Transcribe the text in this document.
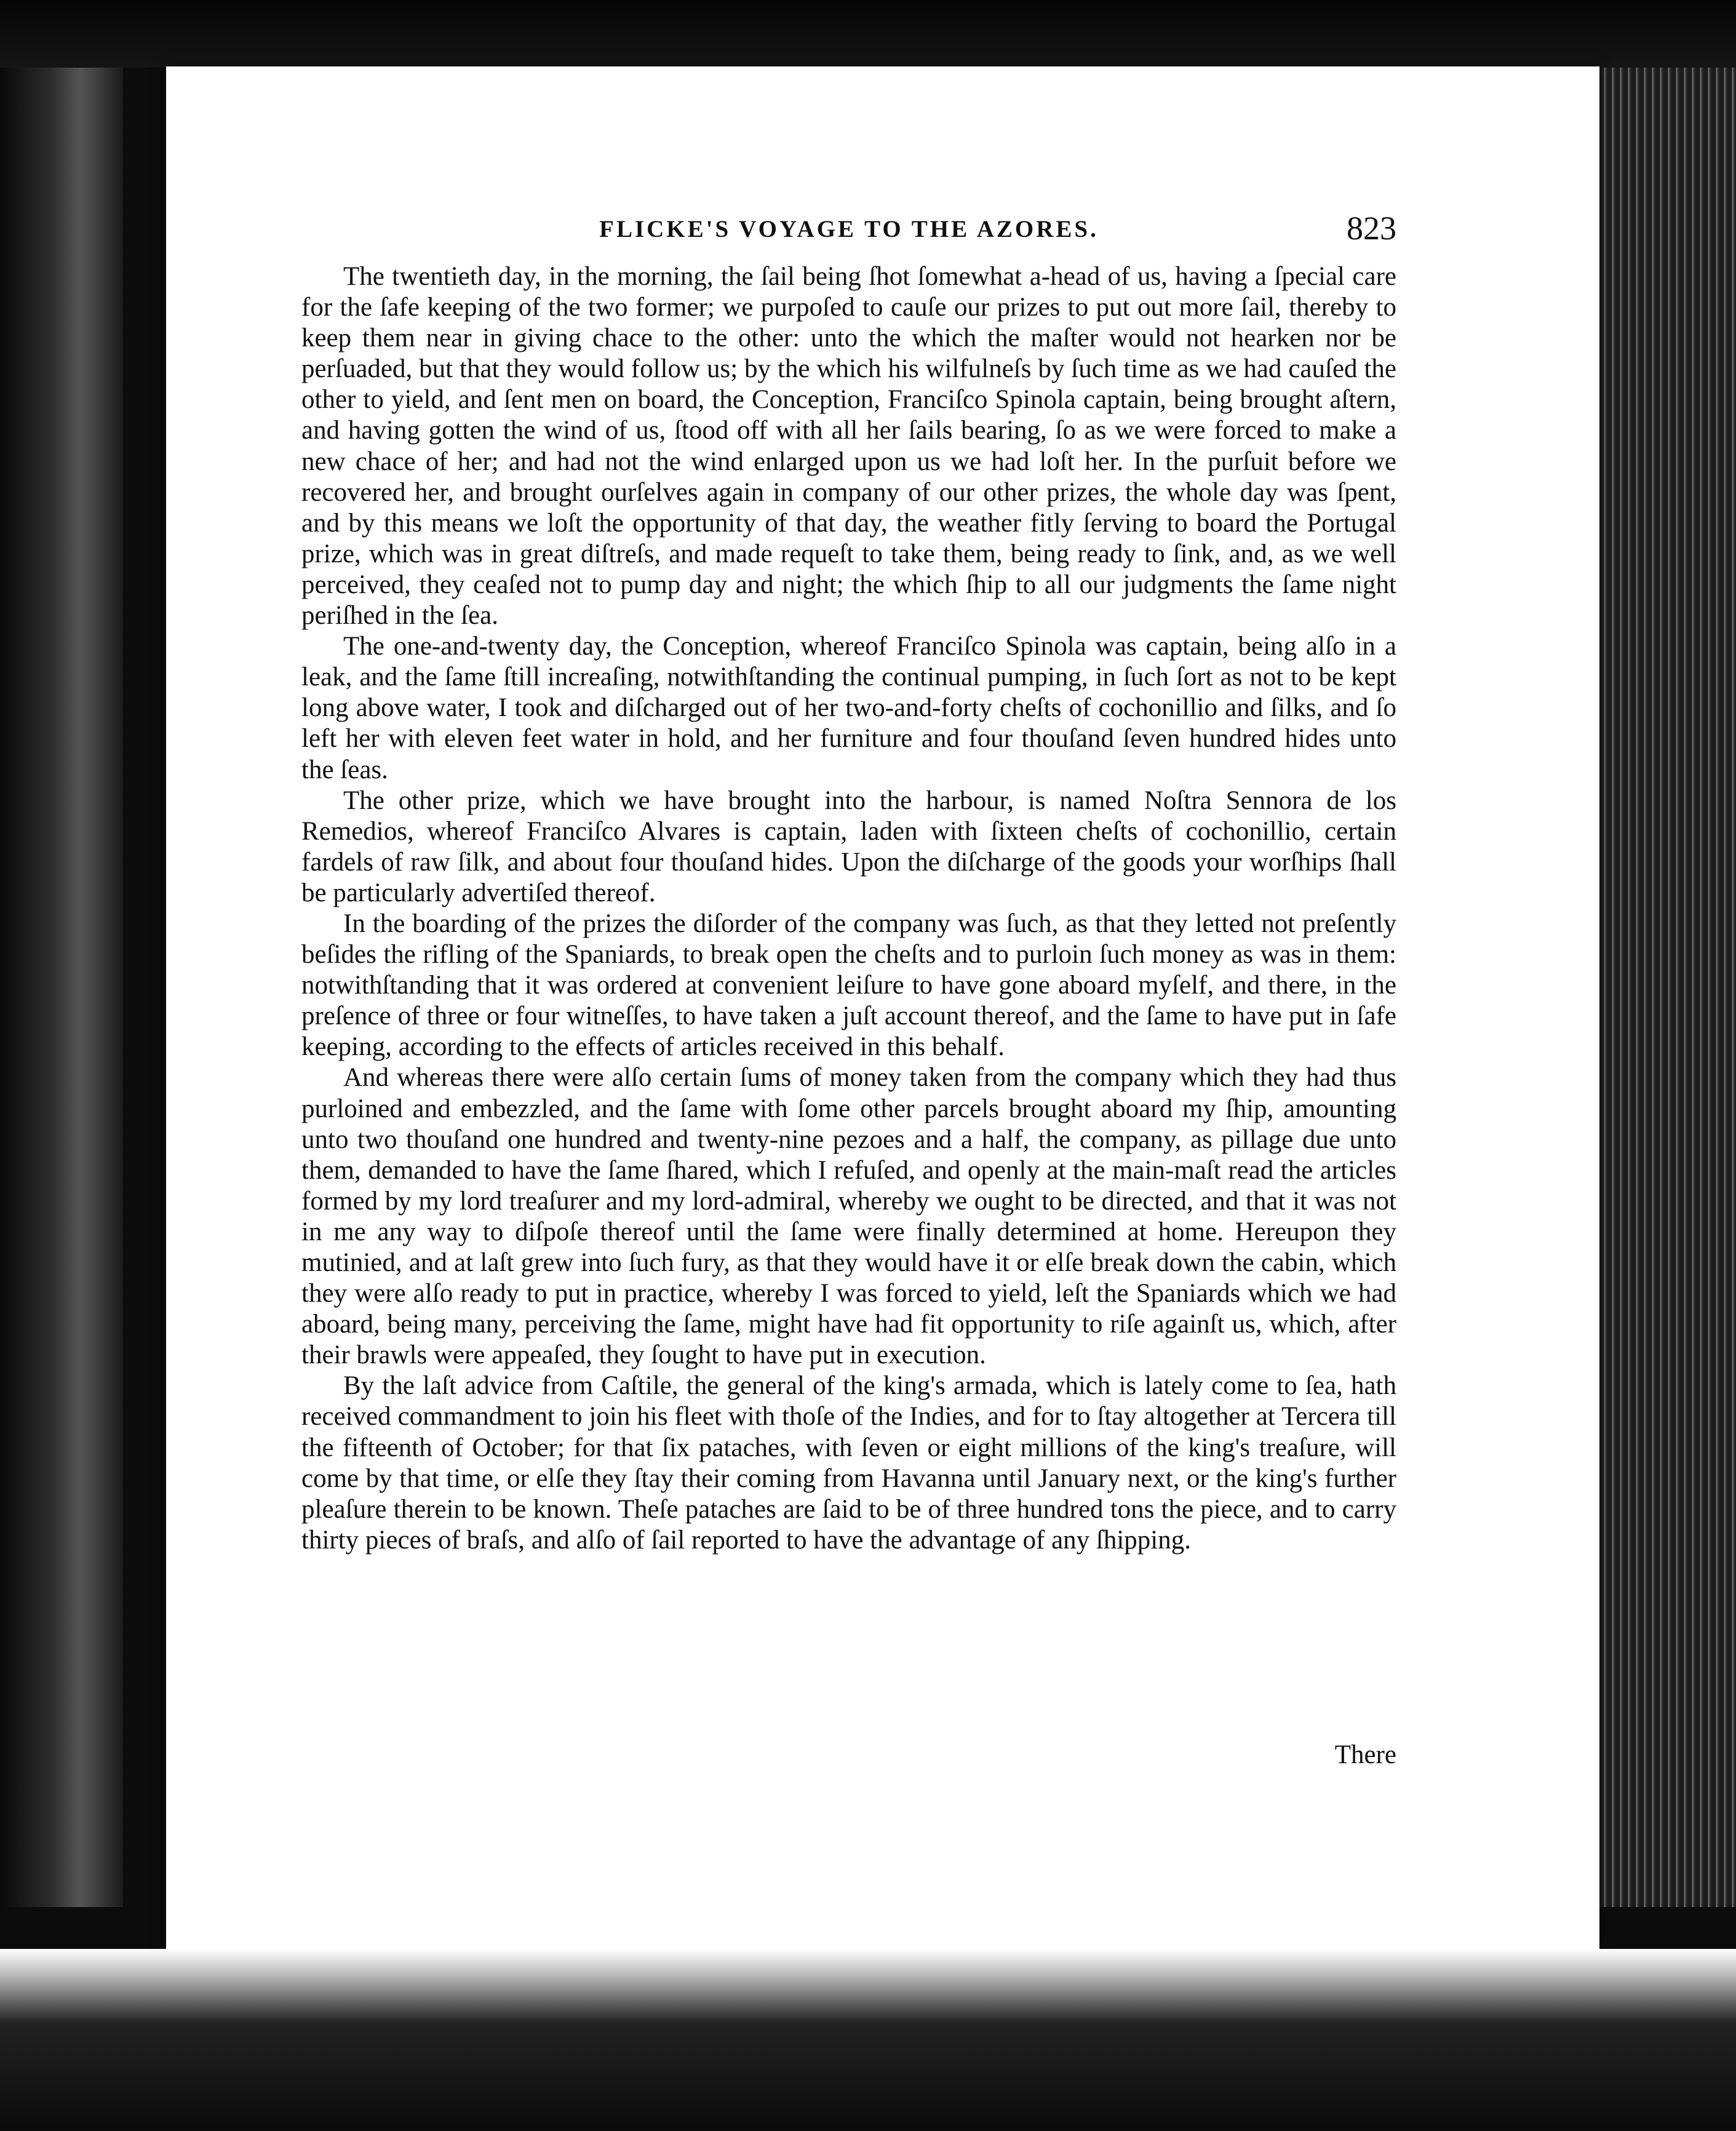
FLICKE'S VOYAGE TO THE AZORES.	823

The twentieth day, in the morning, the ſail being ſhot ſomewhat a-head of us, having a ſpecial care for the ſafe keeping of the two former; we purpoſed to cauſe our prizes to put out more ſail, thereby to keep them near in giving chace to the other: unto the which the maſter would not hearken nor be perſuaded, but that they would follow us; by the which his wilfulneſs by ſuch time as we had cauſed the other to yield, and ſent men on board, the Conception, Franciſco Spinola captain, being brought aſtern, and having gotten the wind of us, ſtood off with all her ſails bearing, ſo as we were forced to make a new chace of her; and had not the wind enlarged upon us we had loſt her. In the purſuit before we recovered her, and brought ourſelves again in company of our other prizes, the whole day was ſpent, and by this means we loſt the opportunity of that day, the weather fitly ſerving to board the Portugal prize, which was in great diſtreſs, and made requeſt to take them, being ready to ſink, and, as we well perceived, they ceaſed not to pump day and night; the which ſhip to all our judgments the ſame night periſhed in the ſea.

The one-and-twenty day, the Conception, whereof Franciſco Spinola was captain, being alſo in a leak, and the ſame ſtill increaſing, notwithſtanding the continual pumping, in ſuch ſort as not to be kept long above water, I took and diſcharged out of her two-and-forty cheſts of cochonillio and ſilks, and ſo left her with eleven feet water in hold, and her furniture and four thouſand ſeven hundred hides unto the ſeas.

The other prize, which we have brought into the harbour, is named Noſtra Sennora de los Remedios, whereof Franciſco Alvares is captain, laden with ſixteen cheſts of cochonillio, certain fardels of raw ſilk, and about four thouſand hides. Upon the diſcharge of the goods your worſhips ſhall be particularly advertiſed thereof.

In the boarding of the prizes the diſorder of the company was ſuch, as that they letted not preſently beſides the rifling of the Spaniards, to break open the cheſts and to purloin ſuch money as was in them: notwithſtanding that it was ordered at convenient leiſure to have gone aboard myſelf, and there, in the preſence of three or four witneſſes, to have taken a juſt account thereof, and the ſame to have put in ſafe keeping, according to the effects of articles received in this behalf.

And whereas there were alſo certain ſums of money taken from the company which they had thus purloined and embezzled, and the ſame with ſome other parcels brought aboard my ſhip, amounting unto two thouſand one hundred and twenty-nine pezoes and a half, the company, as pillage due unto them, demanded to have the ſame ſhared, which I refuſed, and openly at the main-maſt read the articles formed by my lord treaſurer and my lord-admiral, whereby we ought to be directed, and that it was not in me any way to diſpoſe thereof until the ſame were finally determined at home. Hereupon they mutinied, and at laſt grew into ſuch fury, as that they would have it or elſe break down the cabin, which they were alſo ready to put in practice, whereby I was forced to yield, leſt the Spaniards which we had aboard, being many, perceiving the ſame, might have had fit opportunity to riſe againſt us, which, after their brawls were appeaſed, they ſought to have put in execution.

By the laſt advice from Caſtile, the general of the king's armada, which is lately come to ſea, hath received commandment to join his fleet with thoſe of the Indies, and for to ſtay altogether at Tercera till the fifteenth of October; for that ſix pataches, with ſeven or eight millions of the king's treaſure, will come by that time, or elſe they ſtay their coming from Havanna until January next, or the king's further pleaſure therein to be known. Theſe pataches are ſaid to be of three hundred tons the piece, and to carry thirty pieces of braſs, and alſo of ſail reported to have the advantage of any ſhipping.

There
